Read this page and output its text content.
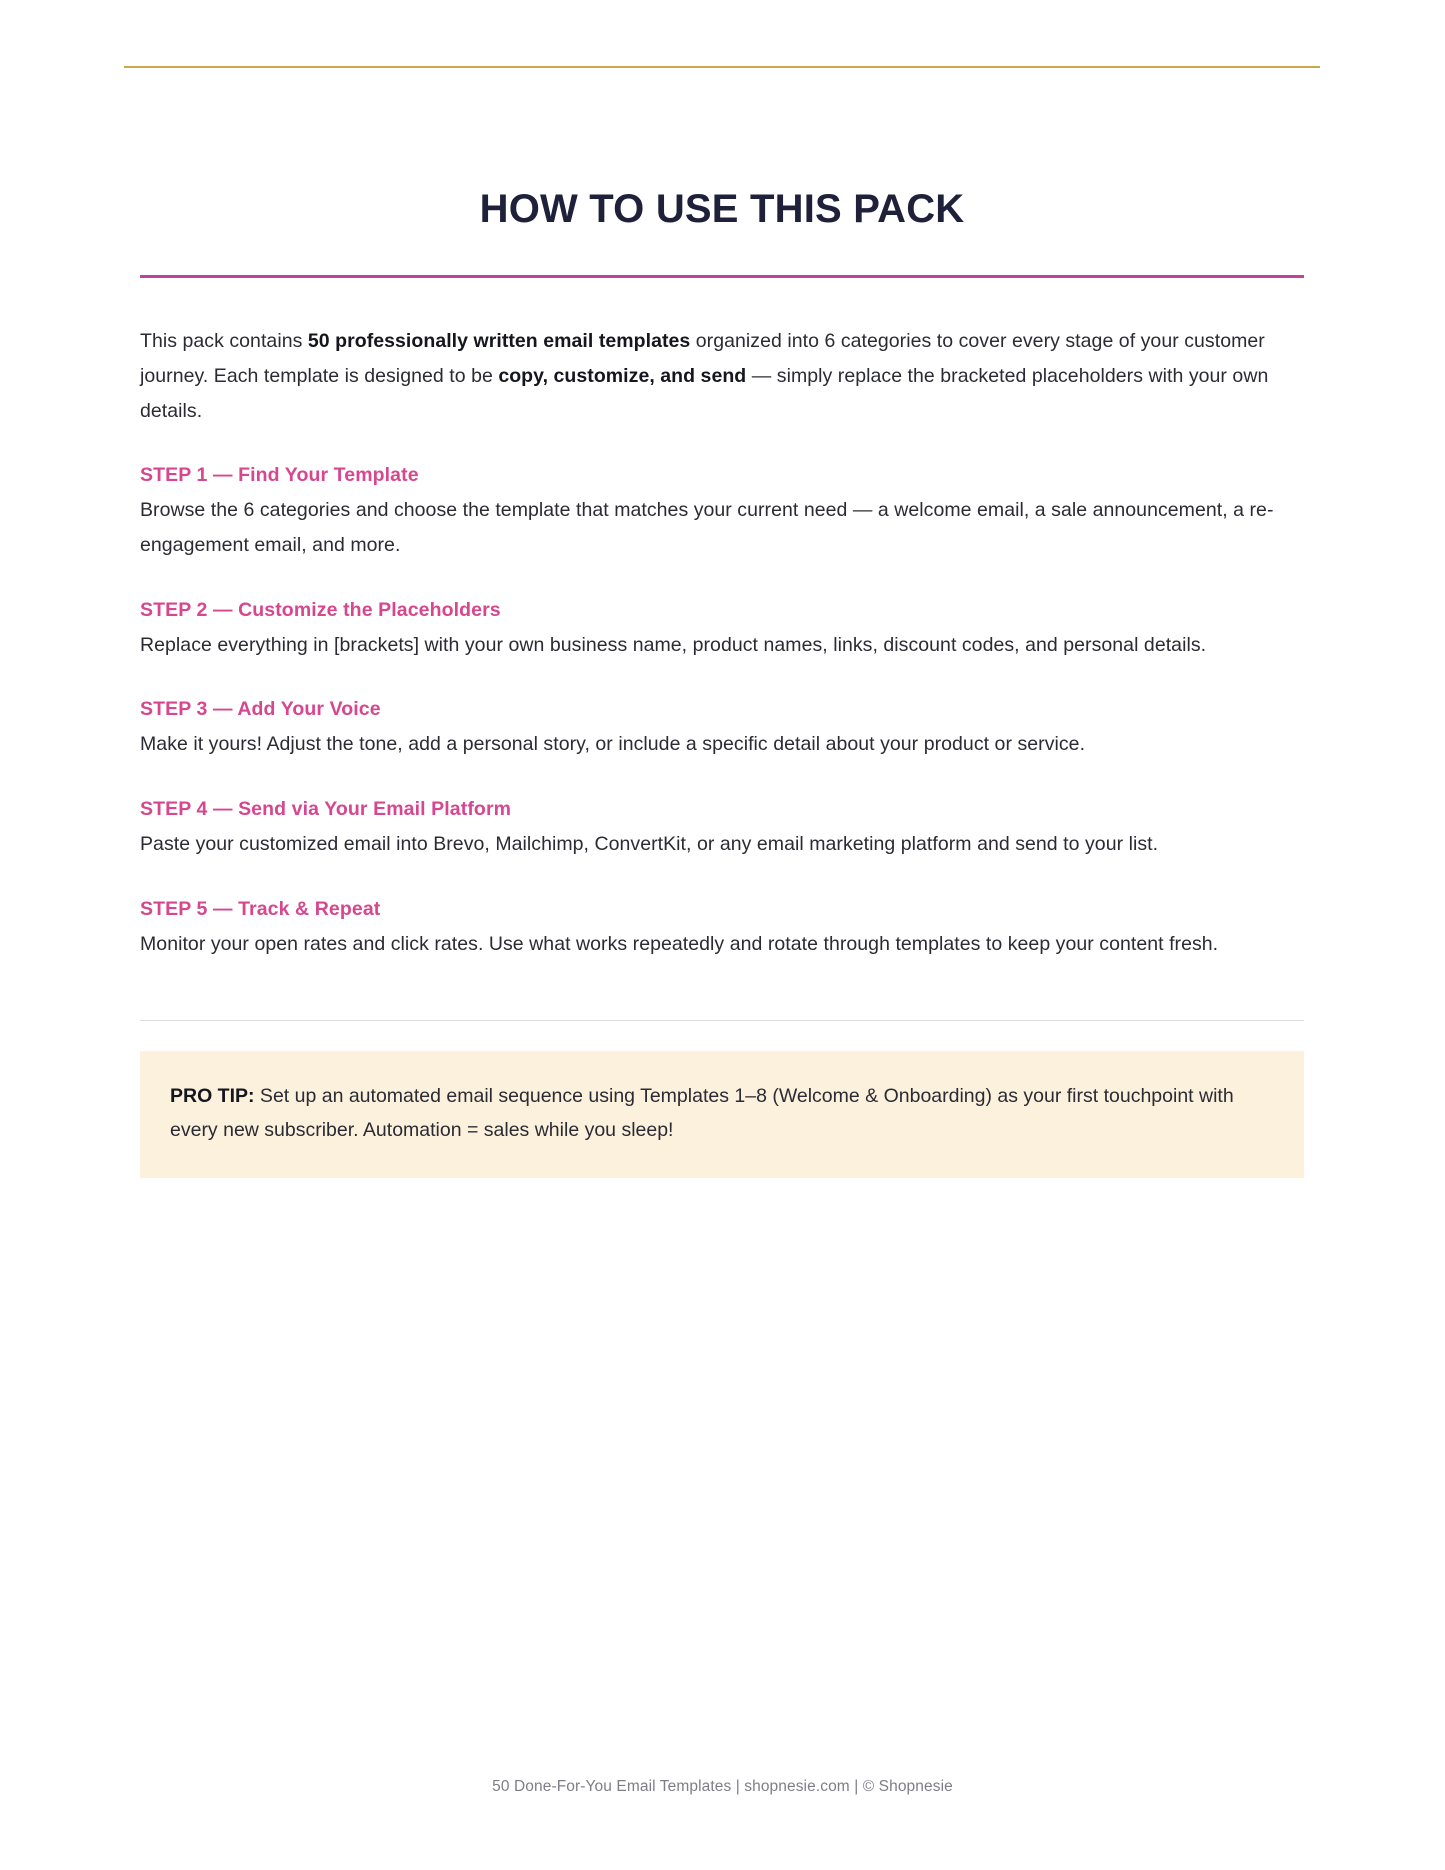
HOW TO USE THIS PACK

This pack contains 50 professionally written email templates organized into 6 categories to cover every stage of your customer journey. Each template is designed to be copy, customize, and send — simply replace the bracketed placeholders with your own details.

STEP 1 — Find Your Template

Browse the 6 categories and choose the template that matches your current need — a welcome email, a sale announcement, a re-engagement email, and more.

STEP 2 — Customize the Placeholders

Replace everything in [brackets] with your own business name, product names, links, discount codes, and personal details.

STEP 3 — Add Your Voice

Make it yours! Adjust the tone, add a personal story, or include a specific detail about your product or service.

STEP 4 — Send via Your Email Platform

Paste your customized email into Brevo, Mailchimp, ConvertKit, or any email marketing platform and send to your list.

STEP 5 — Track & Repeat

Monitor your open rates and click rates. Use what works repeatedly and rotate through templates to keep your content fresh.

PRO TIP: Set up an automated email sequence using Templates 1–8 (Welcome & Onboarding) as your first touchpoint with every new subscriber. Automation = sales while you sleep!
50 Done-For-You Email Templates | shopnesie.com | © Shopnesie
